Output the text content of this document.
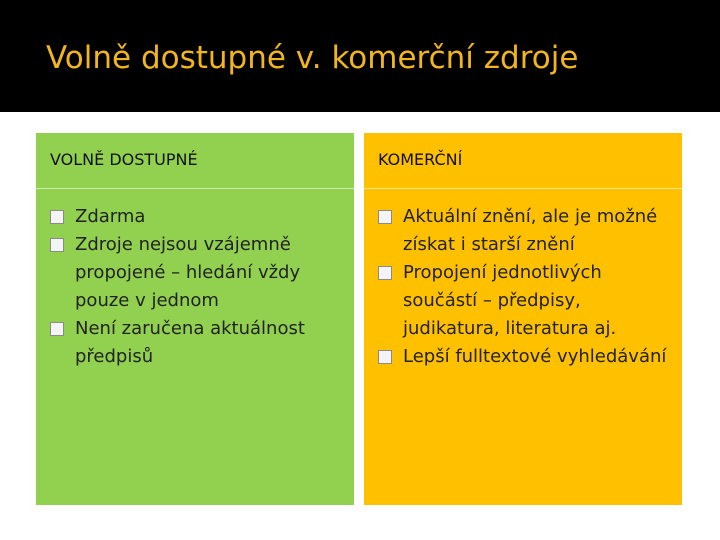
Volně dostupné v. komerční zdroje
VOLNĚ DOSTUPNÉ
Zdarma
Zdroje nejsou vzájemně propojené – hledání vždy pouze v jednom
Není zaručena aktuálnost předpisů
KOMERČNÍ
Aktuální znění, ale je možné získat i starší znění
Propojení jednotlivých součástí – předpisy, judikatura, literatura aj.
Lepší fulltextové vyhledávání
